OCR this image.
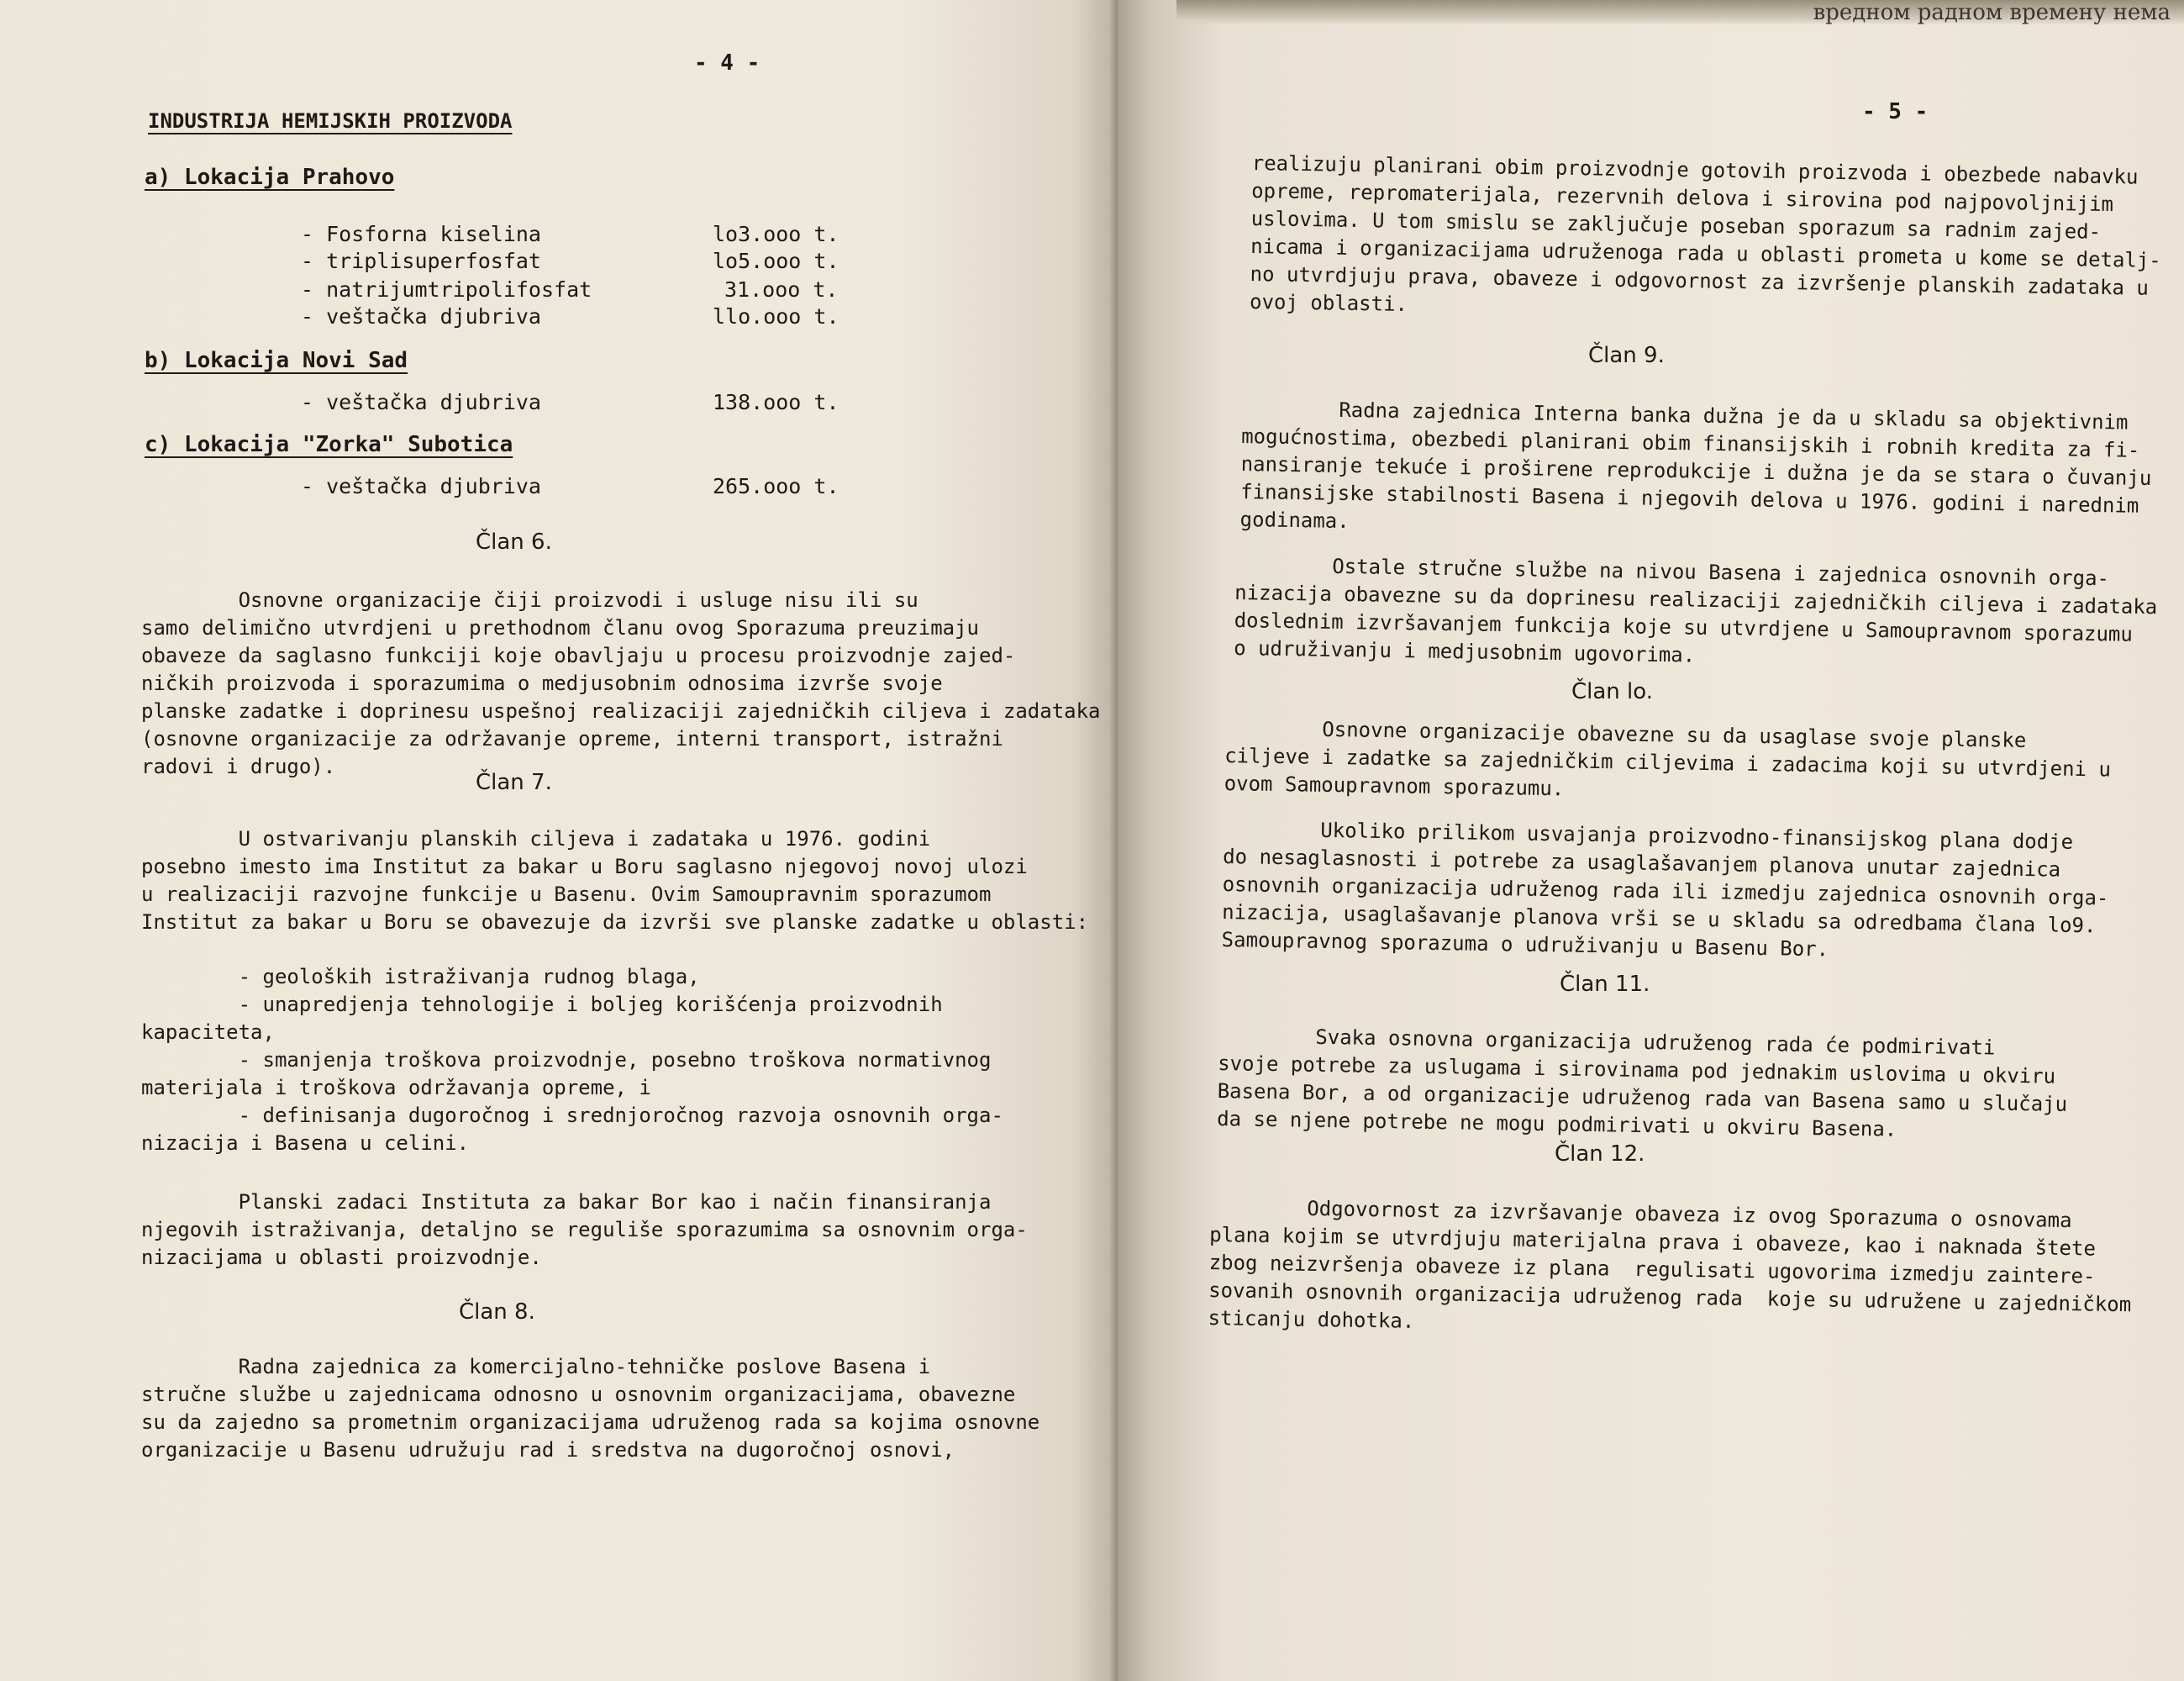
- 4 -
INDUSTRIJA HEMIJSKIH PROIZVODA
a) Lokacija Prahovo
- Fosforna kiselina	lo3.ooo t.
- triplisuperfosfat	lo5.ooo t.
- natrijumtripolifosfat	31.ooo t.
- veštačka djubriva	llo.ooo t.
b) Lokacija Novi Sad
- veštačka djubriva	138.ooo t.
c) Lokacija "Zorka" Subotica
- veštačka djubriva	265.ooo t.
Član 6.
Osnovne organizacije čiji proizvodi i usluge nisu ili su
samo delimično utvrdjeni u prethodnom članu ovog Sporazuma preuzimaju
obaveze da saglasno funkciji koje obavljaju u procesu proizvodnje zajed-
ničkih proizvoda i sporazumima o medjusobnim odnosima izvrše svoje
planske zadatke i doprinesu uspešnoj realizaciji zajedničkih ciljeva i zadataka
(osnovne organizacije za održavanje opreme, interni transport, istražni
radovi i drugo).
Član 7.
U ostvarivanju planskih ciljeva i zadataka u 1976. godini
posebno imesto ima Institut za bakar u Boru saglasno njegovoj novoj ulozi
u realizaciji razvojne funkcije u Basenu. Ovim Samoupravnim sporazumom
Institut za bakar u Boru se obavezuje da izvrši sve planske zadatke u oblasti:
- geoloških istraživanja rudnog blaga,
- unapredjenja tehnologije i boljeg korišćenja proizvodnih
kapaciteta,
- smanjenja troškova proizvodnje, posebno troškova normativnog
materijala i troškova održavanja opreme, i
- definisanja dugoročnog i srednjoročnog razvoja osnovnih orga-
nizacija i Basena u celini.
Planski zadaci Instituta za bakar Bor kao i način finansiranja
njegovih istraživanja, detaljno se reguliše sporazumima sa osnovnim orga-
nizacijama u oblasti proizvodnje.
Član 8.
Radna zajednica za komercijalno-tehničke poslove Basena i
stručne službe u zajednicama odnosno u osnovnim organizacijama, obavezne
su da zajedno sa prometnim organizacijama udruženog rada sa kojima osnovne
organizacije u Basenu udružuju rad i sredstva na dugoročnoj osnovi,
- 5 -
realizuju planirani obim proizvodnje gotovih proizvoda i obezbede nabavku
opreme, repromaterijala, rezervnih delova i sirovina pod najpovoljnijim
uslovima. U tom smislu se zaključuje poseban sporazum sa radnim zajed-
nicama i organizacijama udruženoga rada u oblasti prometa u kome se detalj-
no utvrdjuju prava, obaveze i odgovornost za izvršenje planskih zadataka u
ovoj oblasti.
Član 9.
Radna zajednica Interna banka dužna je da u skladu sa objektivnim
mogućnostima, obezbedi planirani obim finansijskih i robnih kredita za fi-
nansiranje tekuće i proširene reprodukcije i dužna je da se stara o čuvanju
finansijske stabilnosti Basena i njegovih delova u 1976. godini i narednim
godinama.
Ostale stručne službe na nivou Basena i zajednica osnovnih orga-
nizacija obavezne su da doprinesu realizaciji zajedničkih ciljeva i zadataka
doslednim izvršavanjem funkcija koje su utvrdjene u Samoupravnom sporazumu
o udruživanju i medjusobnim ugovorima.
Član lo.
Osnovne organizacije obavezne su da usaglase svoje planske
ciljeve i zadatke sa zajedničkim ciljevima i zadacima koji su utvrdjeni u
ovom Samoupravnom sporazumu.
Ukoliko prilikom usvajanja proizvodno-finansijskog plana dodje
do nesaglasnosti i potrebe za usaglašavanjem planova unutar zajednica
osnovnih organizacija udruženog rada ili izmedju zajednica osnovnih orga-
nizacija, usaglašavanje planova vrši se u skladu sa odredbama člana lo9.
Samoupravnog sporazuma o udruživanju u Basenu Bor.
Član 11.
Svaka osnovna organizacija udruženog rada će podmirivati
svoje potrebe za uslugama i sirovinama pod jednakim uslovima u okviru
Basena Bor, a od organizacije udruženog rada van Basena samo u slučaju
da se njene potrebe ne mogu podmirivati u okviru Basena.
Član 12.
Odgovornost za izvršavanje obaveza iz ovog Sporazuma o osnovama
plana kojim se utvrdjuju materijalna prava i obaveze, kao i naknada štete
zbog neizvršenja obaveze iz plana  regulisati ugovorima izmedju zaintere-
sovanih osnovnih organizacija udruženog rada  koje su udružene u zajedničkom
sticanju dohotka.
вредном радном времену нема
